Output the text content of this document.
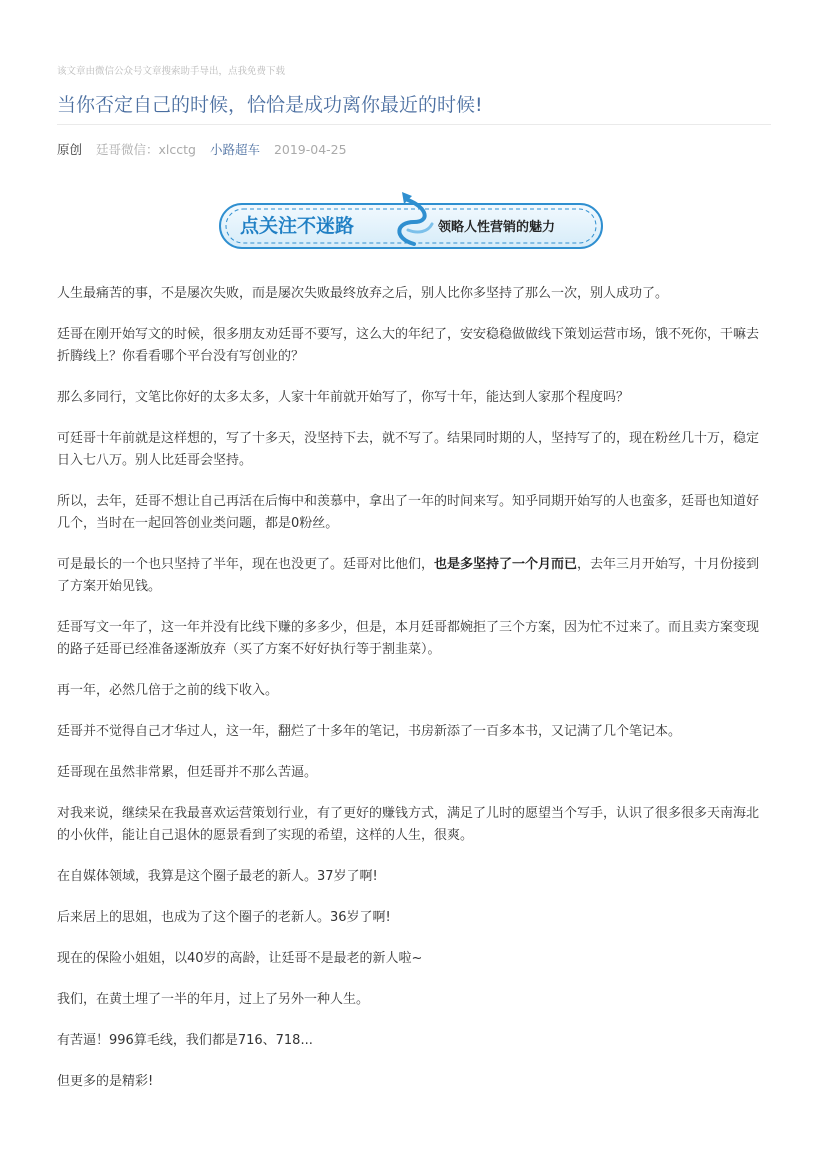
该文章由微信公众号文章搜索助手导出，点我免费下载
当你否定自己的时候，恰恰是成功离你最近的时候!
原创 廷哥微信：xlcctg 小路超车 2019-04-25
点关注不迷路	领略人性营销的魅力

人生最痛苦的事，不是屡次失败，而是屡次失败最终放弃之后，别人比你多坚持了那么一次，别人成功了。

廷哥在刚开始写文的时候，很多朋友劝廷哥不要写，这么大的年纪了，安安稳稳做做线下策划运营市场，饿不死你，干嘛去折腾线上？你看看哪个平台没有写创业的？

那么多同行，文笔比你好的太多太多，人家十年前就开始写了，你写十年，能达到人家那个程度吗？

可廷哥十年前就是这样想的，写了十多天，没坚持下去，就不写了。结果同时期的人，坚持写了的，现在粉丝几十万，稳定日入七八万。别人比廷哥会坚持。

所以，去年，廷哥不想让自己再活在后悔中和羡慕中，拿出了一年的时间来写。知乎同期开始写的人也蛮多，廷哥也知道好几个，当时在一起回答创业类问题，都是0粉丝。

可是最长的一个也只坚持了半年，现在也没更了。廷哥对比他们，也是多坚持了一个月而已，去年三月开始写，十月份接到了方案开始见钱。

廷哥写文一年了，这一年并没有比线下赚的多多少，但是，本月廷哥都婉拒了三个方案，因为忙不过来了。而且卖方案变现的路子廷哥已经准备逐渐放弃（买了方案不好好执行等于割韭菜）。

再一年，必然几倍于之前的线下收入。

廷哥并不觉得自己才华过人，这一年，翻烂了十多年的笔记，书房新添了一百多本书，又记满了几个笔记本。

廷哥现在虽然非常累，但廷哥并不那么苦逼。

对我来说，继续呆在我最喜欢运营策划行业，有了更好的赚钱方式，满足了儿时的愿望当个写手，认识了很多很多天南海北的小伙伴，能让自己退休的愿景看到了实现的希望，这样的人生，很爽。

在自媒体领域，我算是这个圈子最老的新人。37岁了啊!

后来居上的思姐，也成为了这个圈子的老新人。36岁了啊!

现在的保险小姐姐，以40岁的高龄，让廷哥不是最老的新人啦~

我们，在黄土埋了一半的年月，过上了另外一种人生。

有苦逼！996算毛线，我们都是716、718...

但更多的是精彩!
